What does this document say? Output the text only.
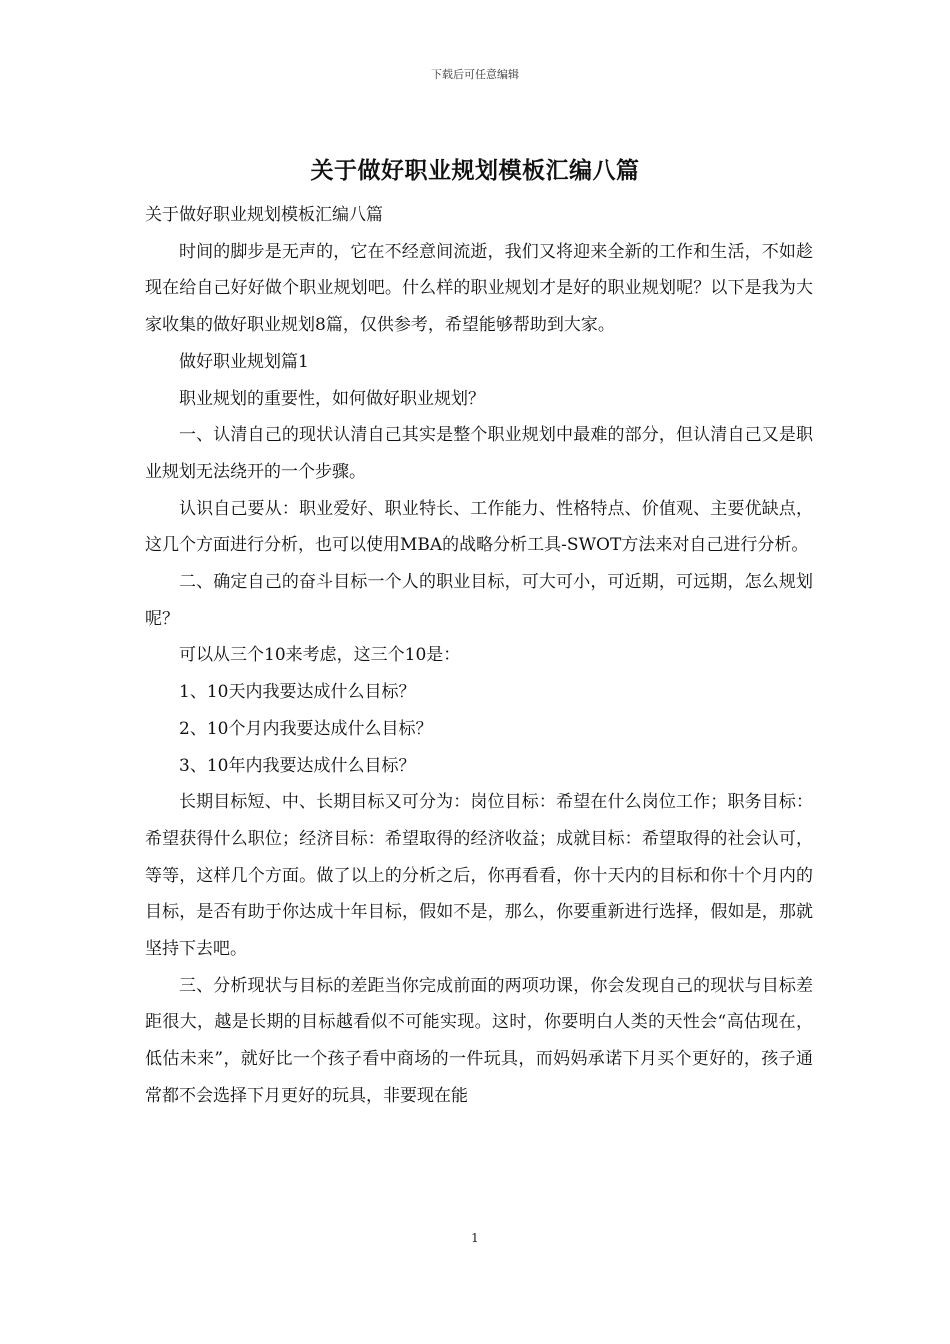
下载后可任意编辑
关于做好职业规划模板汇编八篇

关于做好职业规划模板汇编八篇

时间的脚步是无声的，它在不经意间流逝，我们又将迎来全新的工作和生活，不如趁现在给自己好好做个职业规划吧。什么样的职业规划才是好的职业规划呢？以下是我为大家收集的做好职业规划8篇，仅供参考，希望能够帮助到大家。

做好职业规划篇1

职业规划的重要性，如何做好职业规划？

一、认清自己的现状认清自己其实是整个职业规划中最难的部分，但认清自己又是职业规划无法绕开的一个步骤。

认识自己要从：职业爱好、职业特长、工作能力、性格特点、价值观、主要优缺点，这几个方面进行分析，也可以使用MBA的战略分析工具-SWOT方法来对自己进行分析。

二、确定自己的奋斗目标一个人的职业目标，可大可小，可近期，可远期，怎么规划呢？

可以从三个10来考虑，这三个10是：

1、10天内我要达成什么目标？

2、10个月内我要达成什么目标？

3、10年内我要达成什么目标？

长期目标短、中、长期目标又可分为：岗位目标：希望在什么岗位工作；职务目标：希望获得什么职位；经济目标：希望取得的经济收益；成就目标：希望取得的社会认可，等等，这样几个方面。做了以上的分析之后，你再看看，你十天内的目标和你十个月内的目标，是否有助于你达成十年目标，假如不是，那么，你要重新进行选择，假如是，那就坚持下去吧。

三、分析现状与目标的差距当你完成前面的两项功课，你会发现自己的现状与目标差距很大，越是长期的目标越看似不可能实现。这时，你要明白人类的天性会“高估现在，低估未来”，就好比一个孩子看中商场的一件玩具，而妈妈承诺下月买个更好的，孩子通常都不会选择下月更好的玩具，非要现在能

1
